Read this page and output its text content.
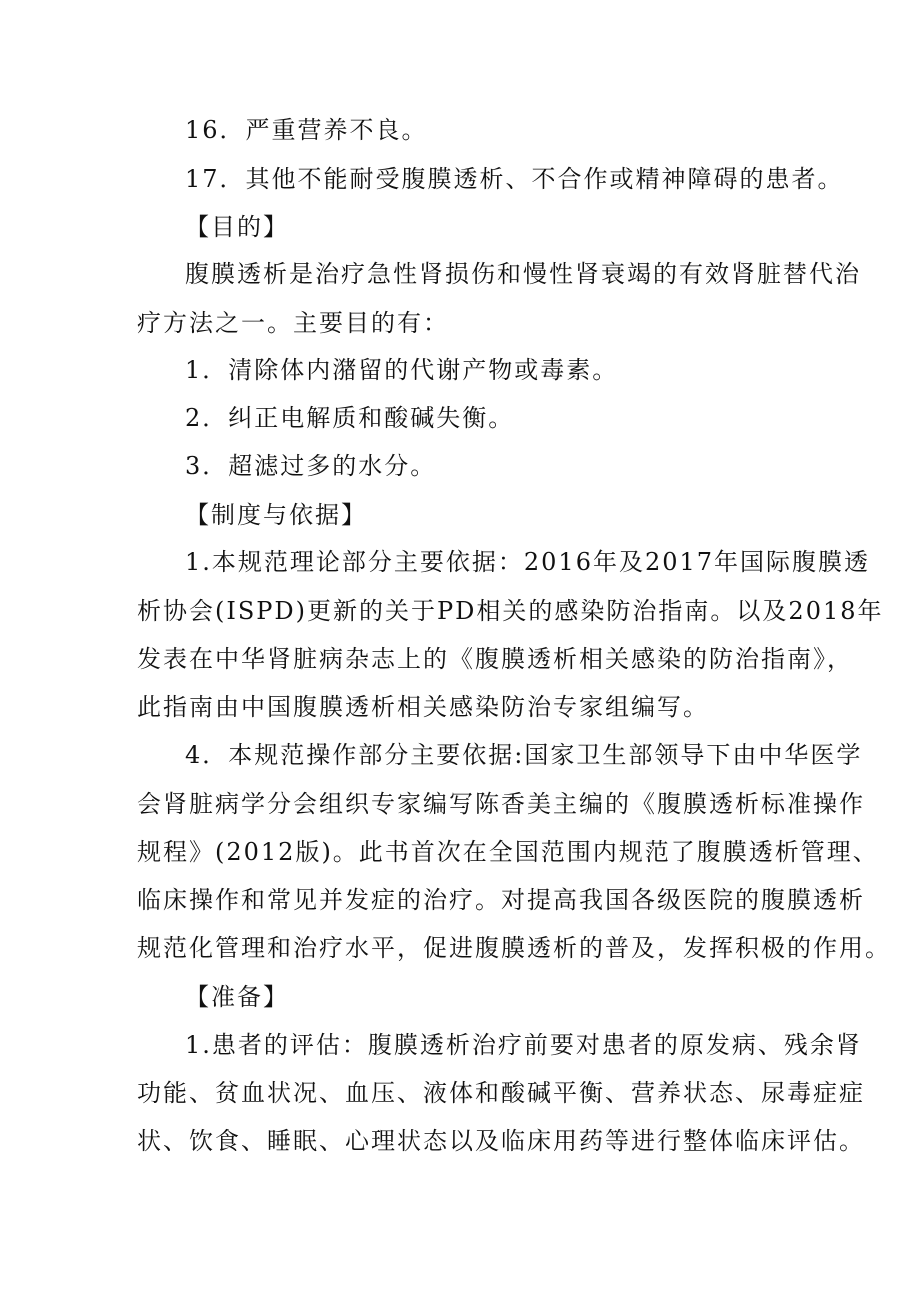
16．严重营养不良。
17．其他不能耐受腹膜透析、不合作或精神障碍的患者。
【目的】
腹膜透析是治疗急性肾损伤和慢性肾衰竭的有效肾脏替代治
疗方法之一。主要目的有：
1．清除体内潴留的代谢产物或毒素。
2．纠正电解质和酸碱失衡。
3．超滤过多的水分。
【制度与依据】
1.本规范理论部分主要依据：2016年及2017年国际腹膜透
析协会(ISPD)更新的关于PD相关的感染防治指南。以及2018年
发表在中华肾脏病杂志上的《腹膜透析相关感染的防治指南》，
此指南由中国腹膜透析相关感染防治专家组编写。
4．本规范操作部分主要依据:国家卫生部领导下由中华医学
会肾脏病学分会组织专家编写陈香美主编的《腹膜透析标准操作
规程》(2012版)。此书首次在全国范围内规范了腹膜透析管理、
临床操作和常见并发症的治疗。对提高我国各级医院的腹膜透析
规范化管理和治疗水平，促进腹膜透析的普及，发挥积极的作用。
【准备】
1.患者的评估：腹膜透析治疗前要对患者的原发病、残余肾
功能、贫血状况、血压、液体和酸碱平衡、营养状态、尿毒症症
状、饮食、睡眠、心理状态以及临床用药等进行整体临床评估。
